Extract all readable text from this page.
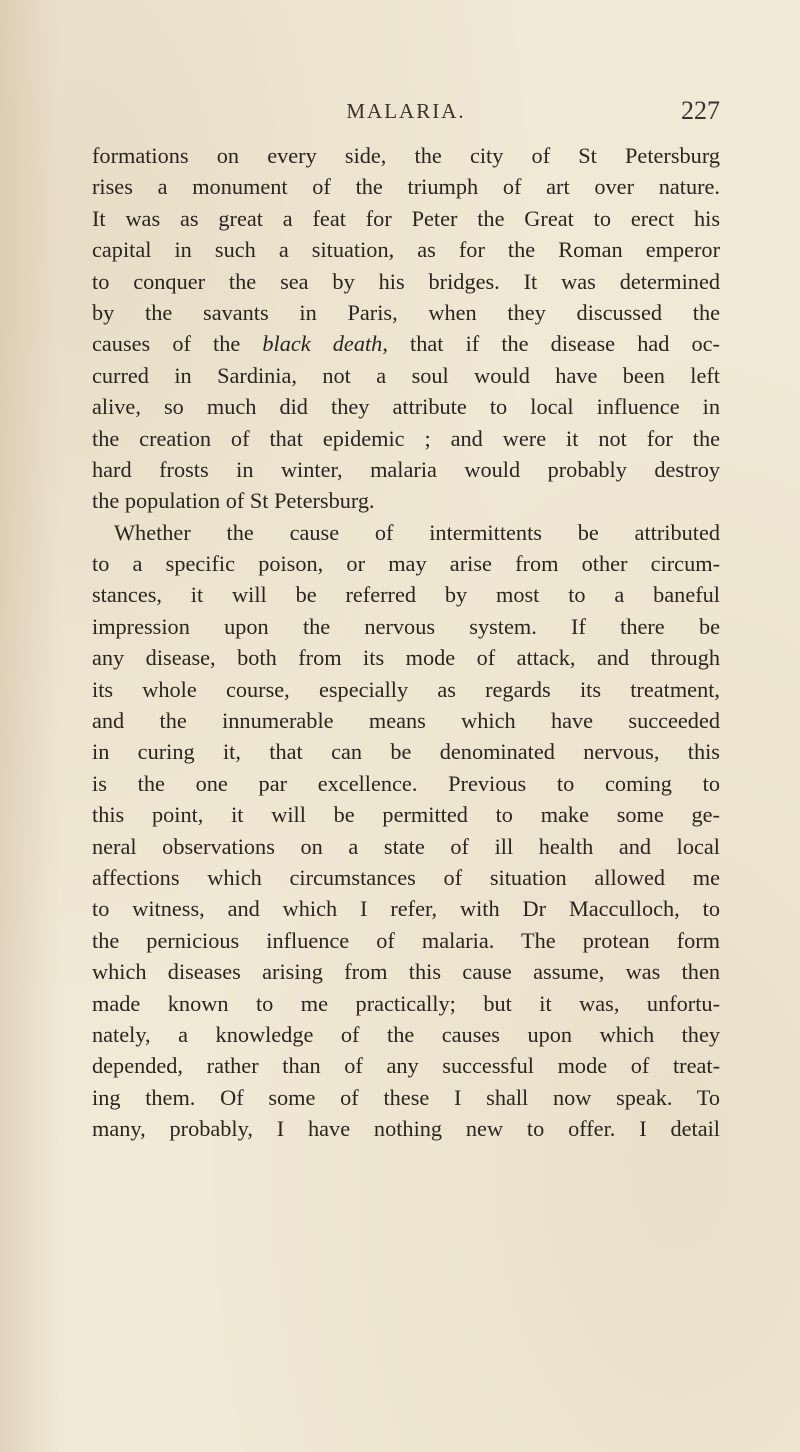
MALARIA.	227
formations on every side, the city of St Petersburg
rises a monument of the triumph of art over nature.
It was as great a feat for Peter the Great to erect his
capital in such a situation, as for the Roman emperor
to conquer the sea by his bridges. It was determined
by the savants in Paris, when they discussed the
causes of the black death, that if the disease had oc-
curred in Sardinia, not a soul would have been left
alive, so much did they attribute to local influence in
the creation of that epidemic ; and were it not for the
hard frosts in winter, malaria would probably destroy
the population of St Petersburg.
Whether the cause of intermittents be attributed
to a specific poison, or may arise from other circum-
stances, it will be referred by most to a baneful
impression upon the nervous system. If there be
any disease, both from its mode of attack, and through
its whole course, especially as regards its treatment,
and the innumerable means which have succeeded
in curing it, that can be denominated nervous, this
is the one par excellence. Previous to coming to
this point, it will be permitted to make some ge-
neral observations on a state of ill health and local
affections which circumstances of situation allowed me
to witness, and which I refer, with Dr Macculloch, to
the pernicious influence of malaria. The protean form
which diseases arising from this cause assume, was then
made known to me practically; but it was, unfortu-
nately, a knowledge of the causes upon which they
depended, rather than of any successful mode of treat-
ing them. Of some of these I shall now speak. To
many, probably, I have nothing new to offer. I detail
